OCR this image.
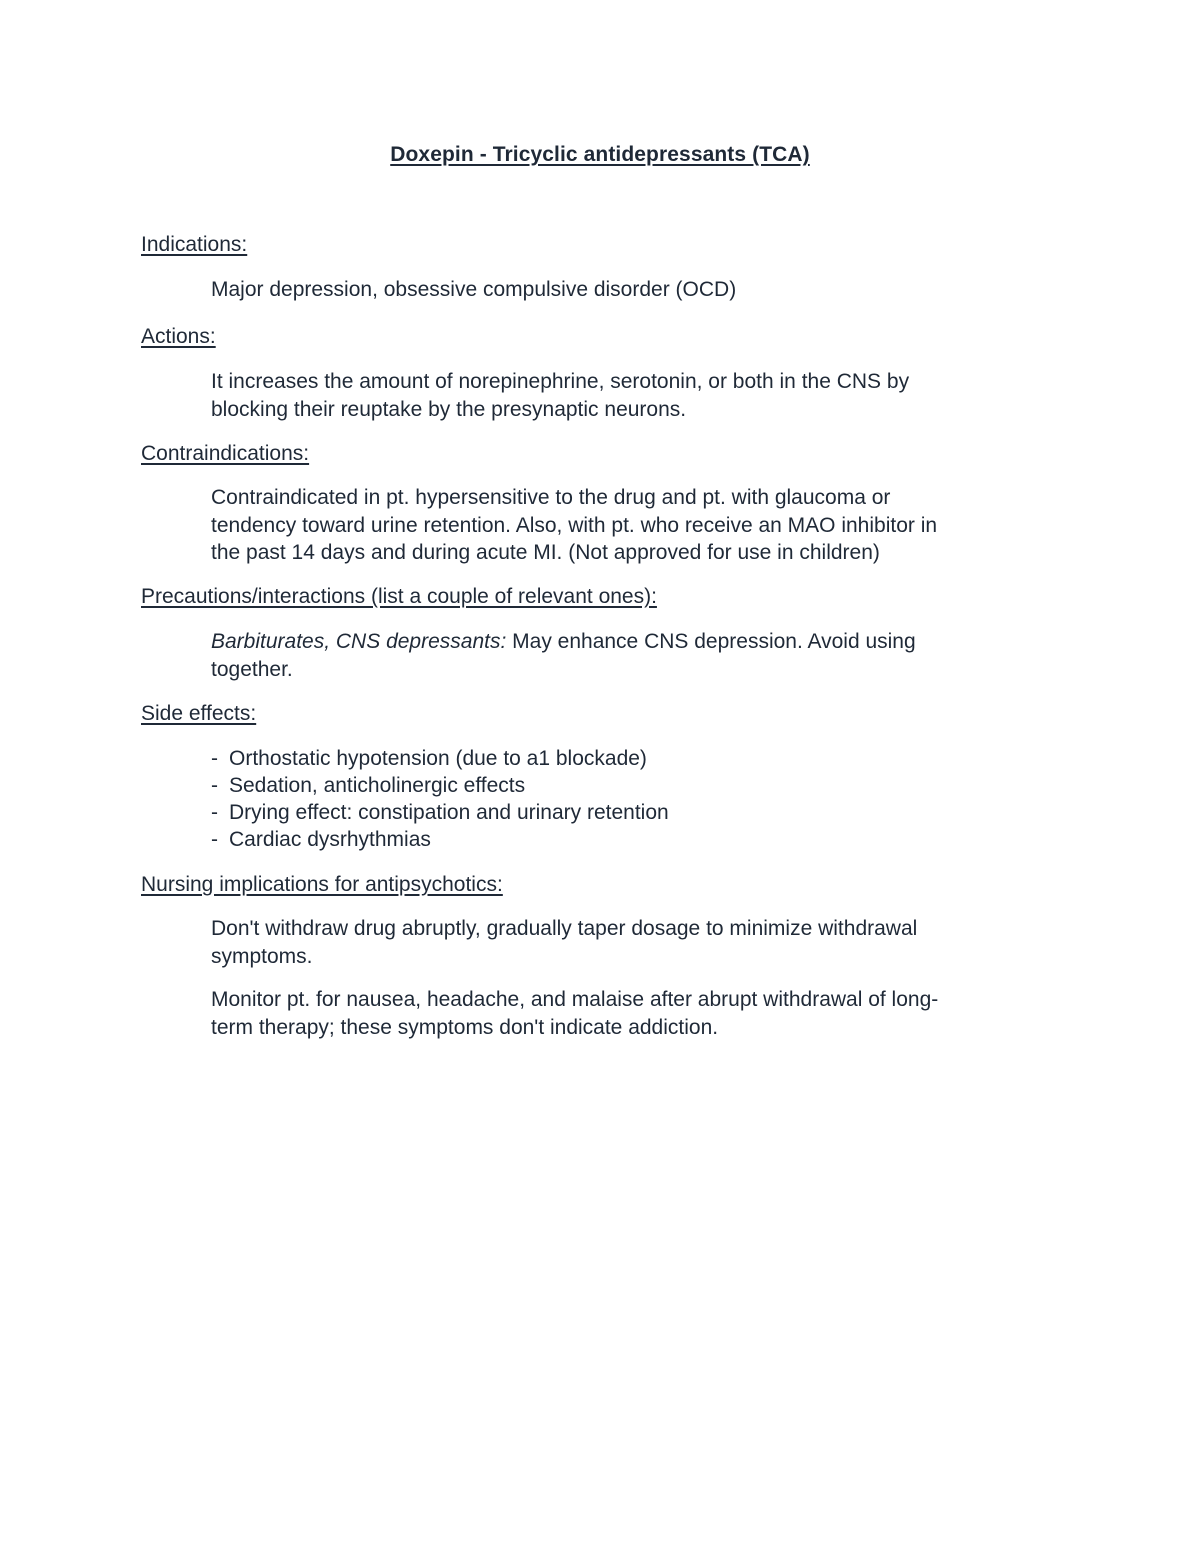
Doxepin - Tricyclic antidepressants (TCA)
Indications:

Major depression, obsessive compulsive disorder (OCD)

Actions:

It increases the amount of norepinephrine, serotonin, or both in the CNS by

blocking their reuptake by the presynaptic neurons.

Contraindications:

Contraindicated in pt. hypersensitive to the drug and pt. with glaucoma or

tendency toward urine retention. Also, with pt. who receive an MAO inhibitor in

the past 14 days and during acute MI. (Not approved for use in children)

Precautions/interactions (list a couple of relevant ones):

Barbiturates, CNS depressants: May enhance CNS depression. Avoid using

together.

Side effects:
- Orthostatic hypotension (due to a1 blockade)
- Sedation, anticholinergic effects
- Drying effect: constipation and urinary retention
- Cardiac dysrhythmias
Nursing implications for antipsychotics:

Don't withdraw drug abruptly, gradually taper dosage to minimize withdrawal

symptoms.

Monitor pt. for nausea, headache, and malaise after abrupt withdrawal of long-

term therapy; these symptoms don't indicate addiction.
